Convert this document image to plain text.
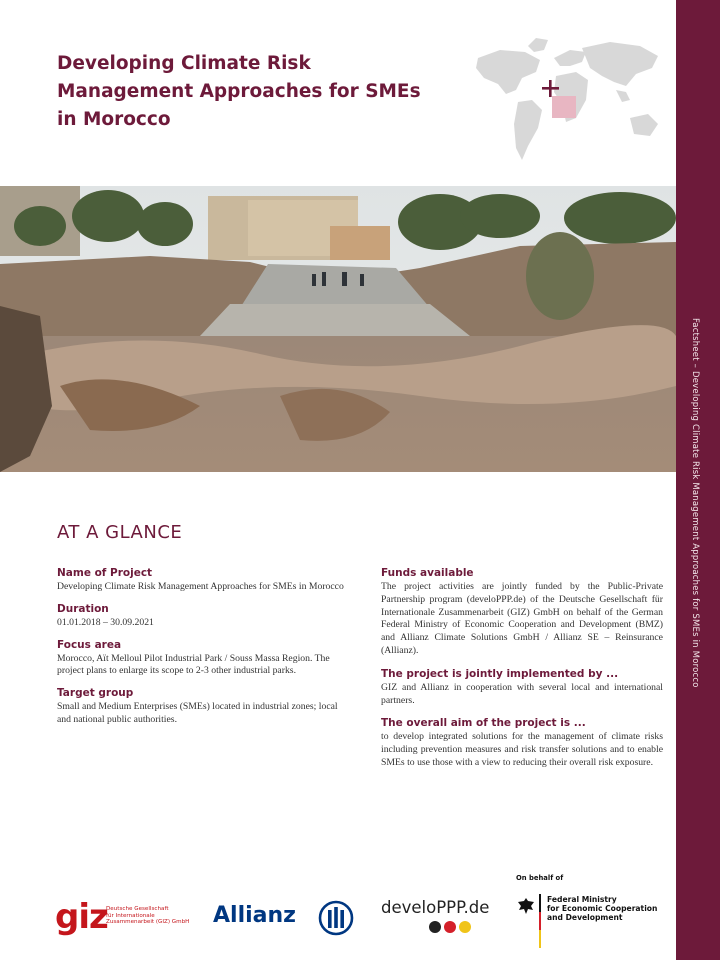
Factsheet – Developing Climate Risk Management Approaches for SMEs in Morocco
Developing Climate Risk
Management Approaches for SMEs
in Morocco
AT A GLANCE
Name of Project
Developing Climate Risk Management Approaches for SMEs in Morocco
Duration
01.01.2018 – 30.09.2021
Focus area
Morocco, Aït Melloul Pilot Industrial Park / Souss Massa Region. The project plans to enlarge its scope to 2-3 other industrial parks.
Target group
Small and Medium Enterprises (SMEs) located in industrial zones; local and national public authorities.
Funds available
The project activities are jointly funded by the Public-Private Partnership program (develoPPP.de) of the Deutsche Gesellschaft für Internationale Zusammenarbeit (GIZ) GmbH on behalf of the German Federal Ministry of Economic Cooperation and Development (BMZ) and Allianz Climate Solutions GmbH / Allianz SE – Reinsurance (Allianz).
The project is jointly implemented by ...
GIZ and Allianz in cooperation with several local and international partners.
The overall aim of the project is ...
to develop integrated solutions for the management of climate risks including prevention measures and risk transfer solutions and to enable SMEs to use those with a view to reducing their overall risk exposure.
giz
Deutsche Gesellschaft
für Internationale
Zusammenarbeit (GIZ) GmbH	Allianz	develoPPP.de
On behalf of
Federal Ministry
for Economic Cooperation
and Development
